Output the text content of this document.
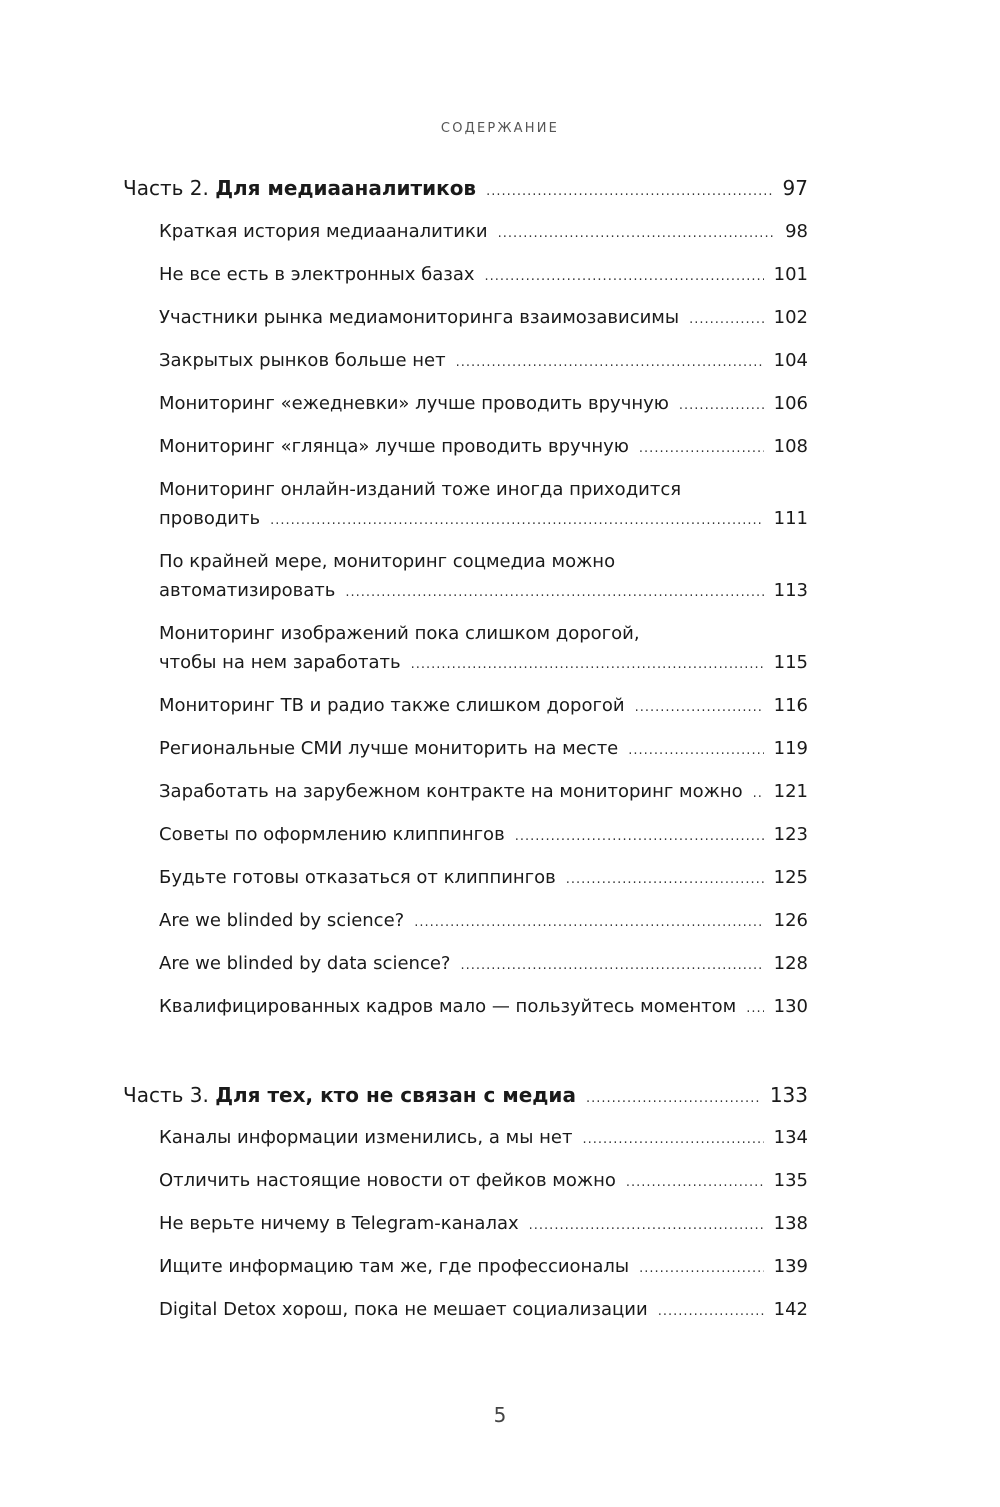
СОДЕРЖАНИЕ
Часть 2. Для медиааналитиков .....	97
Краткая история медиааналитики .....	98
Не все есть в электронных базах .....	101
Участники рынка медиамониторинга взаимозависимы .....	102
Закрытых рынков больше нет .....	104
Мониторинг «ежедневки» лучше проводить вручную .....	106
Мониторинг «глянца» лучше проводить вручную .....	108
Мониторинг онлайн-изданий тоже иногда приходится
проводить .....	111
По крайней мере, мониторинг соцмедиа можно
автоматизировать .....	113
Мониторинг изображений пока слишком дорогой,
чтобы на нем заработать .....	115
Мониторинг ТВ и радио также слишком дорогой .....	116
Региональные СМИ лучше мониторить на месте .....	119
Заработать на зарубежном контракте на мониторинг можно ..... 121
Советы по оформлению клиппингов .....	123
Будьте готовы отказаться от клиппингов .....	125
Are we blinded by science? .....	126
Are we blinded by data science? .....	128
Квалифицированных кадров мало — пользуйтесь моментом ..... 130
Часть 3. Для тех, кто не связан с медиа .....	133
Каналы информации изменились, а мы нет .....	134
Отличить настоящие новости от фейков можно .....	135
Не верьте ничему в Telegram-каналах .....	138
Ищите информацию там же, где профессионалы .....	139
Digital Detox хорош, пока не мешает социализации .....	142
5
